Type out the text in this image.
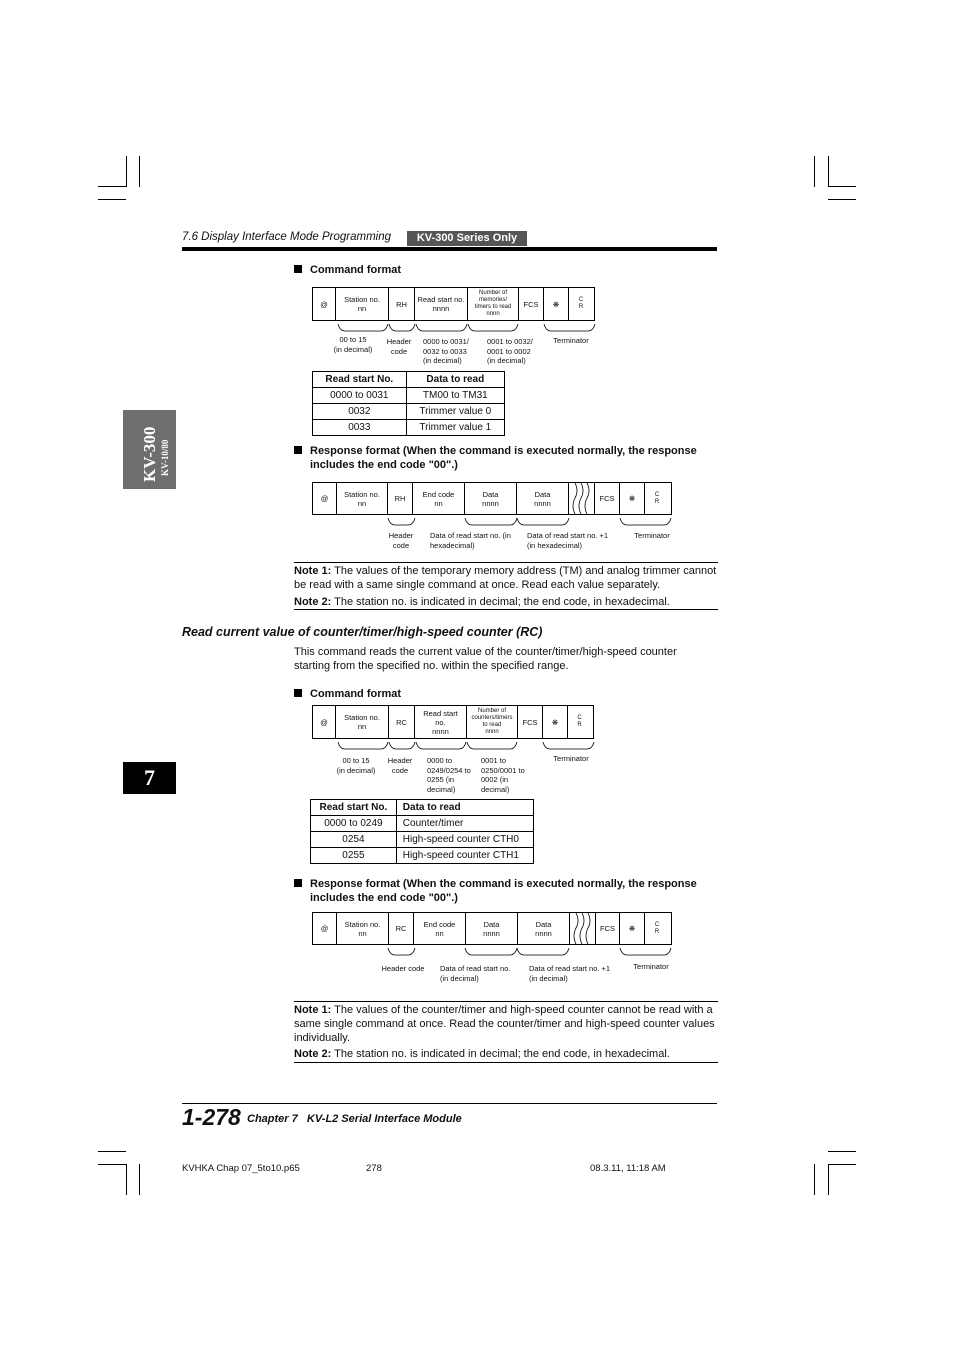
7.6 Display Interface Mode Programming	KV-300 Series Only
KV-300 KV-10/80
7
Command format
@	Station no.
nn	RH	Read start no.
nnnn
Number of
memories/
timers to read
nnnn
FCS	❋	C
R
00 to 15
(in decimal)
Header
code
0000 to 0031/
0032 to 0033
(in decimal)
0001 to 0032/
0001 to 0002
(in decimal)
Terminator
Read start No.	Data to read
0000 to 0031	TM00 to TM31
0032	Trimmer value 0
0033	Trimmer value 1
Response format (When the command is executed normally, the response
includes the end code "00".)
@	Station no.
nn	RH	End code
nn
Data
nnnn
Data
nnnn	FCS	❋	C
R
Header
code
Data of read start no. (in
hexadecimal)
Data of read start no. +1
(in hexadecimal)
Terminator
Note 1: The values of the temporary memory address (TM) and analog trimmer cannot be read with a same single command at once. Read each value separately.
Note 2: The station no. is indicated in decimal; the end code, in hexadecimal.
Read current value of counter/timer/high-speed counter (RC)
This command reads the current value of the counter/timer/high-speed counter starting from the specified no. within the specified range.
Command format
@	Station no.
nn	RC
Read start
no.
nnnn
Number of
counters/timers
to read
nnnn
FCS	❋	C
R
00 to 15
(in decimal)
Header
code
0000 to
0249/0254 to
0255 (in
decimal)
0001 to
0250/0001 to
0002 (in
decimal)
Terminator
Read start No.	Data to read
0000 to 0249	Counter/timer
0254	High-speed counter CTH0
0255	High-speed counter CTH1
Response format (When the command is executed normally, the response
includes the end code "00".)
@	Station no.
nn	RC	End code
nn
Data
nnnn
Data
nnnn	FCS	❋	C
R
Header code	Data of read start no.
(in decimal)
Data of read start no. +1
(in decimal)
Terminator
Note 1: The values of the counter/timer and high-speed counter cannot be read with a same single command at once. Read the counter/timer and high-speed counter values individually.
Note 2: The station no. is indicated in decimal; the end code, in hexadecimal.
1-278 Chapter 7   KV-L2 Serial Interface Module
KVHKA Chap 07_5to10.p65	278	08.3.11, 11:18 AM
